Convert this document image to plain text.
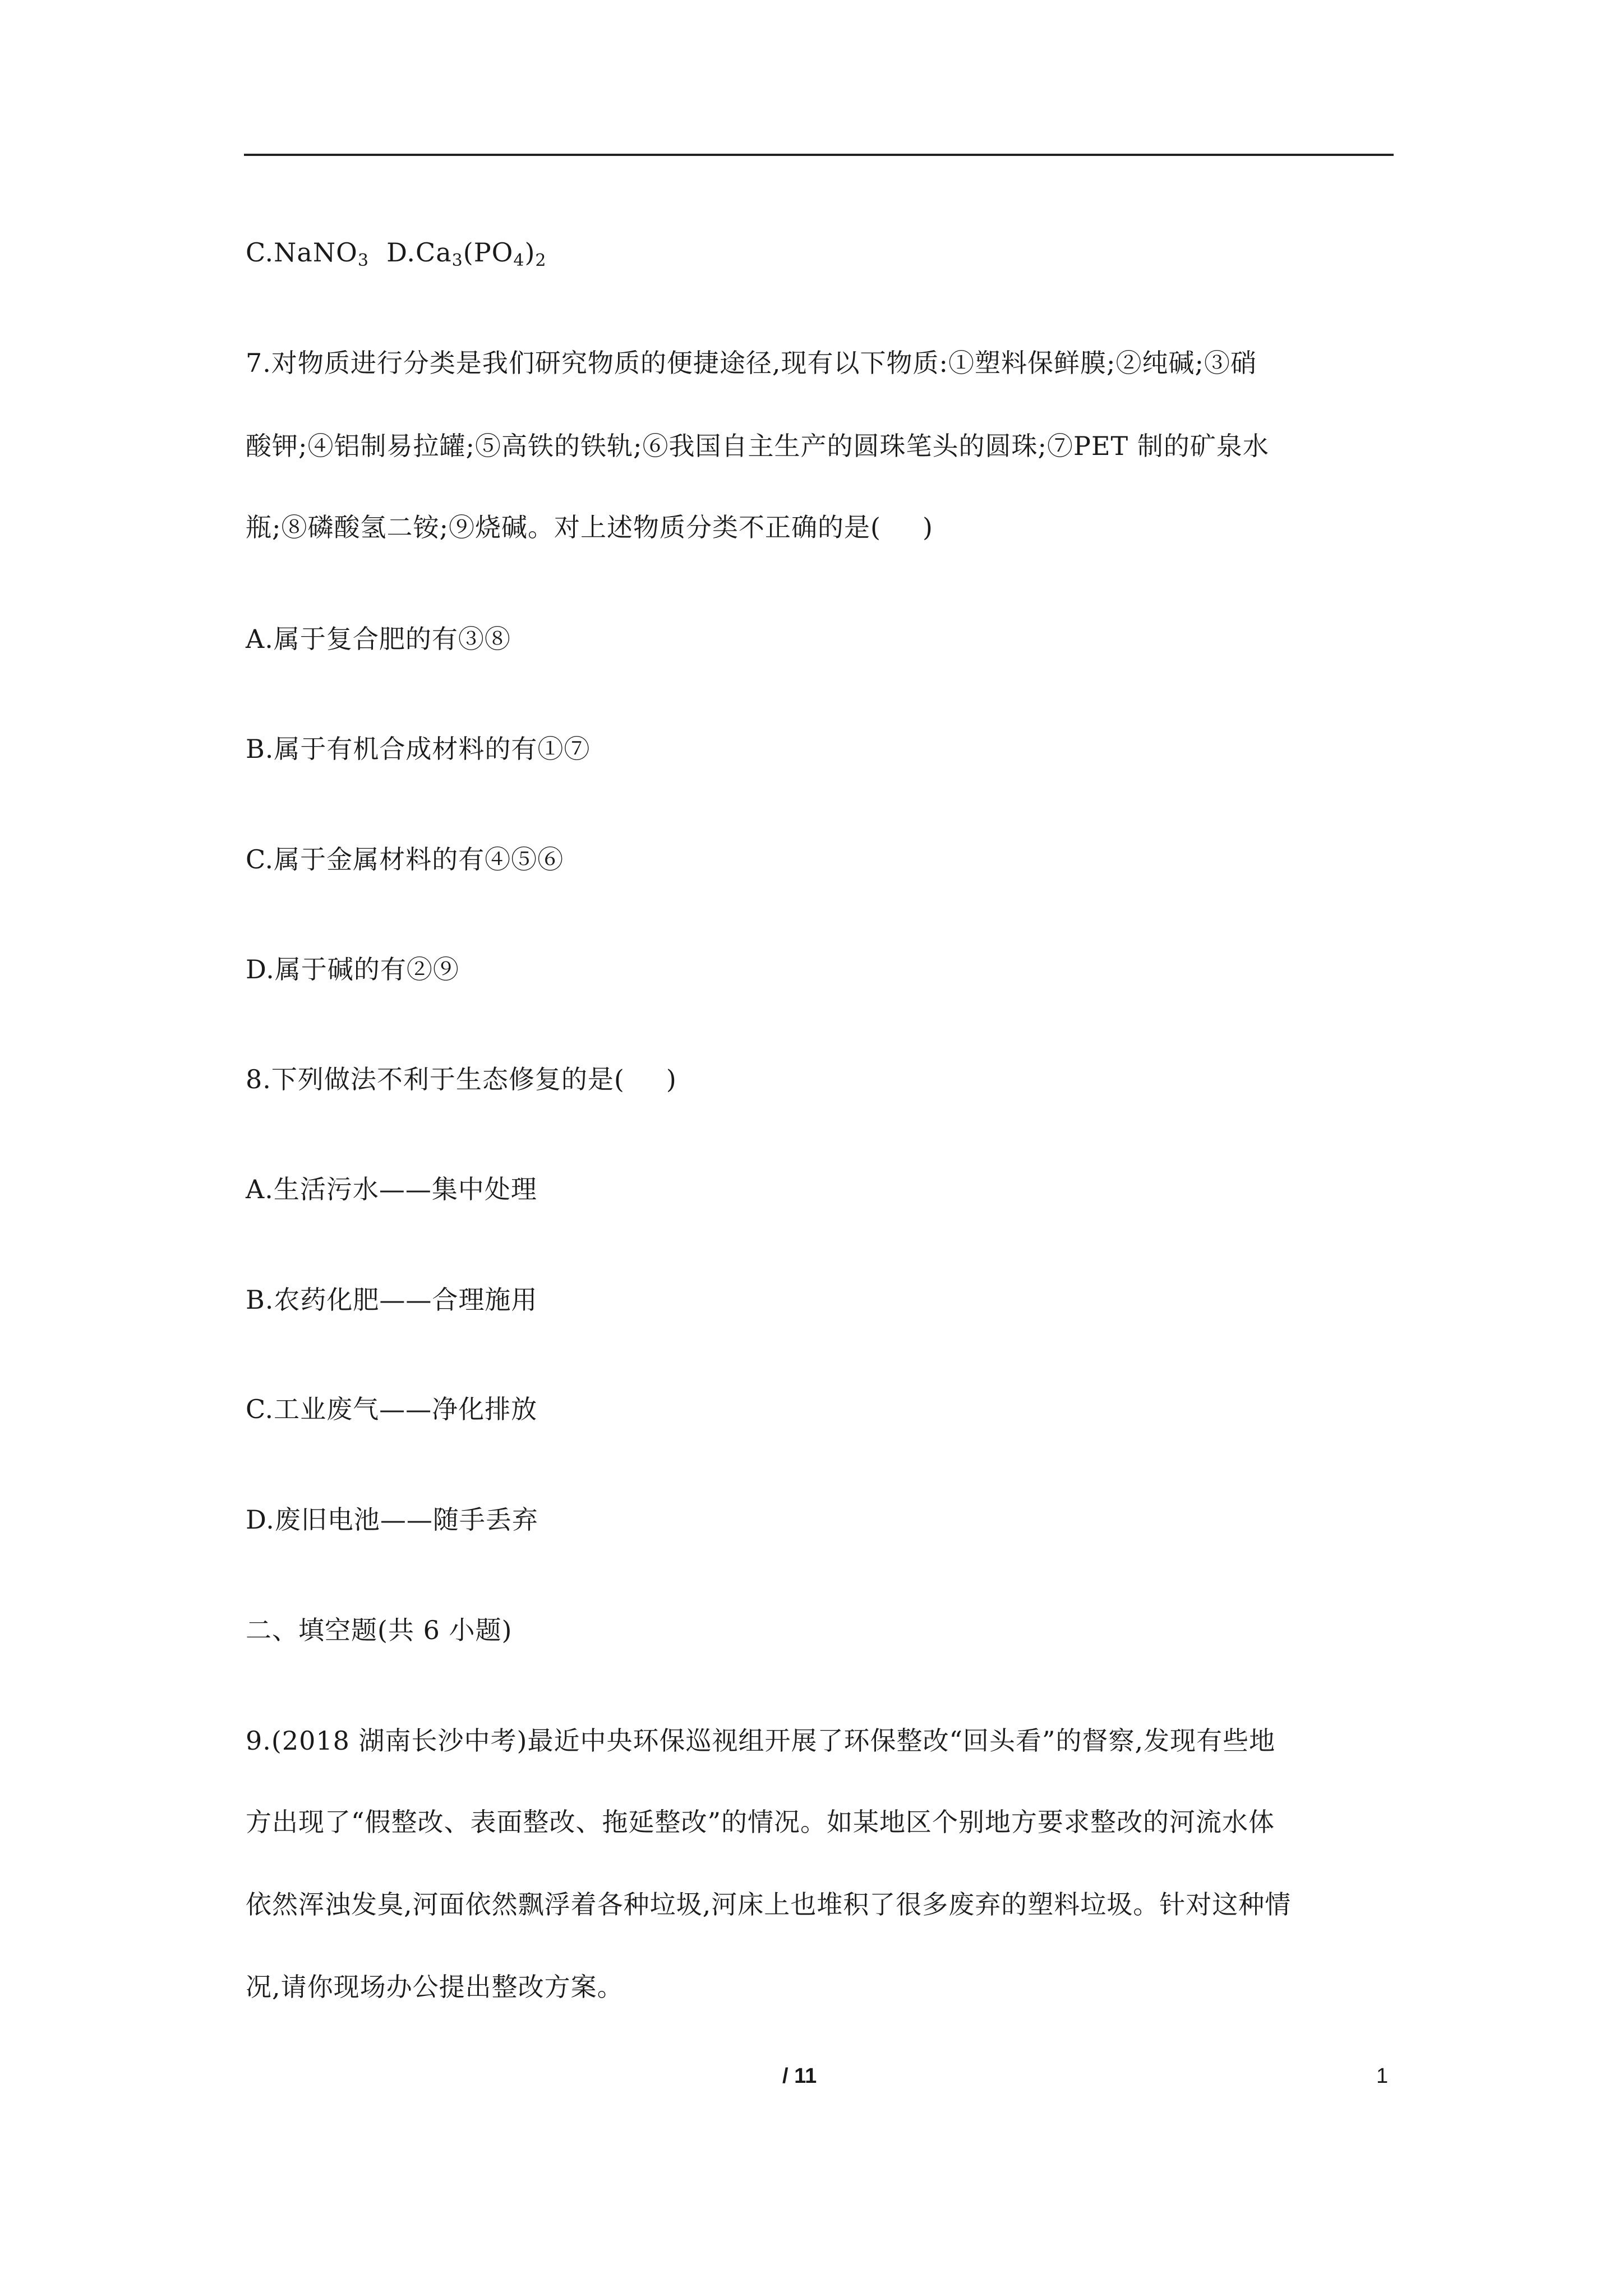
C.NaNO$_3$ $D.Ca_3(PO_4)_2$
7.对物质进行分类是我们研究物质的便捷途径,现有以下物质:①塑料保鲜膜;②纯碱;③硝
酸钾;④铝制易拉罐;⑤高铁的铁轨;⑥我国自主生产的圆珠笔头的圆珠;⑦PET 制的矿泉水
瓶;⑧磷酸氢二铵;⑨烧碱。对上述物质分类不正确的是( )
A.属于复合肥的有③⑧
B.属于有机合成材料的有①⑦
C.属于金属材料的有④⑤⑥
D.属于碱的有②⑨
8.下列做法不利于生态修复的是( )
A.生活污水——集中处理
B.农药化肥——合理施用
C.工业废气——净化排放
D.废旧电池——随手丢弃
二、填空题(共 6 小题)
9.(2018 湖南长沙中考)最近中央环保巡视组开展了环保整改“回头看”的督察,发现有些地
方出现了“假整改、表面整改、拖延整改”的情况。如某地区个别地方要求整改的河流水体
依然浑浊发臭,河面依然飘浮着各种垃圾,河床上也堆积了很多废弃的塑料垃圾。针对这种情
况,请你现场办公提出整改方案。
/ 11	1
